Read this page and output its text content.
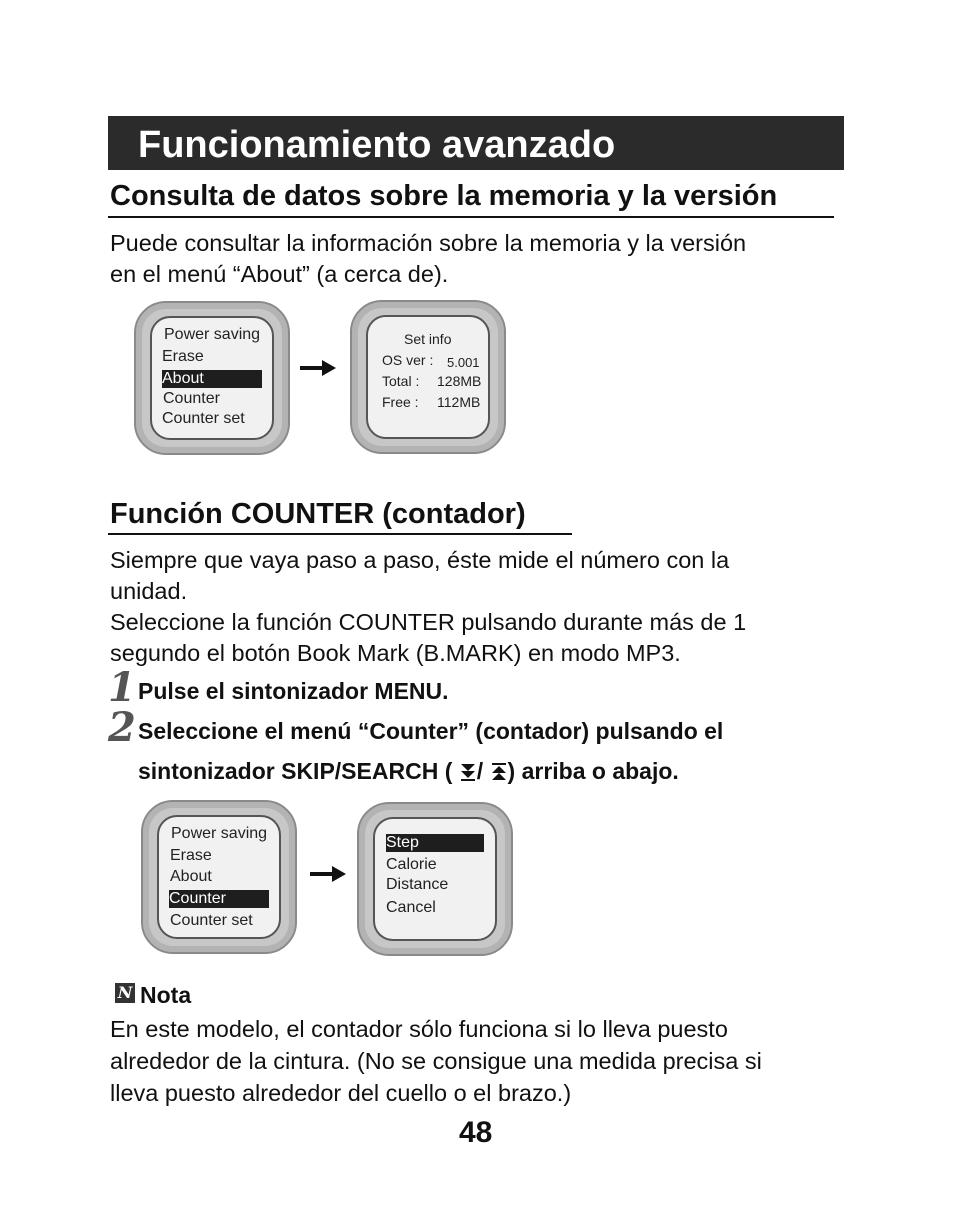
Funcionamiento avanzado
Consulta de datos sobre la memoria y la versión
Puede consultar la información sobre la memoria y la versión
en el menú “About” (a cerca de).
Power saving
Erase
About
Counter
Counter set
Set info
OS ver : 5.001
Total : 128MB
Free : 112MB
Función COUNTER (contador)
Siempre que vaya paso a paso, éste mide el número con la
unidad.
Seleccione la función COUNTER pulsando durante más de 1
segundo el botón Book Mark (B.MARK) en modo MP3.
1 Pulse el sintonizador MENU.
2 Seleccione el menú “Counter” (contador) pulsando el
sintonizador SKIP/SEARCH ( / ) arriba o abajo.
Power saving
Erase
About
Counter
Counter set
Step
Calorie
Distance
Cancel
N Nota
En este modelo, el contador sólo funciona si lo lleva puesto
alrededor de la cintura. (No se consigue una medida precisa si
lleva puesto alrededor del cuello o el brazo.)
48
